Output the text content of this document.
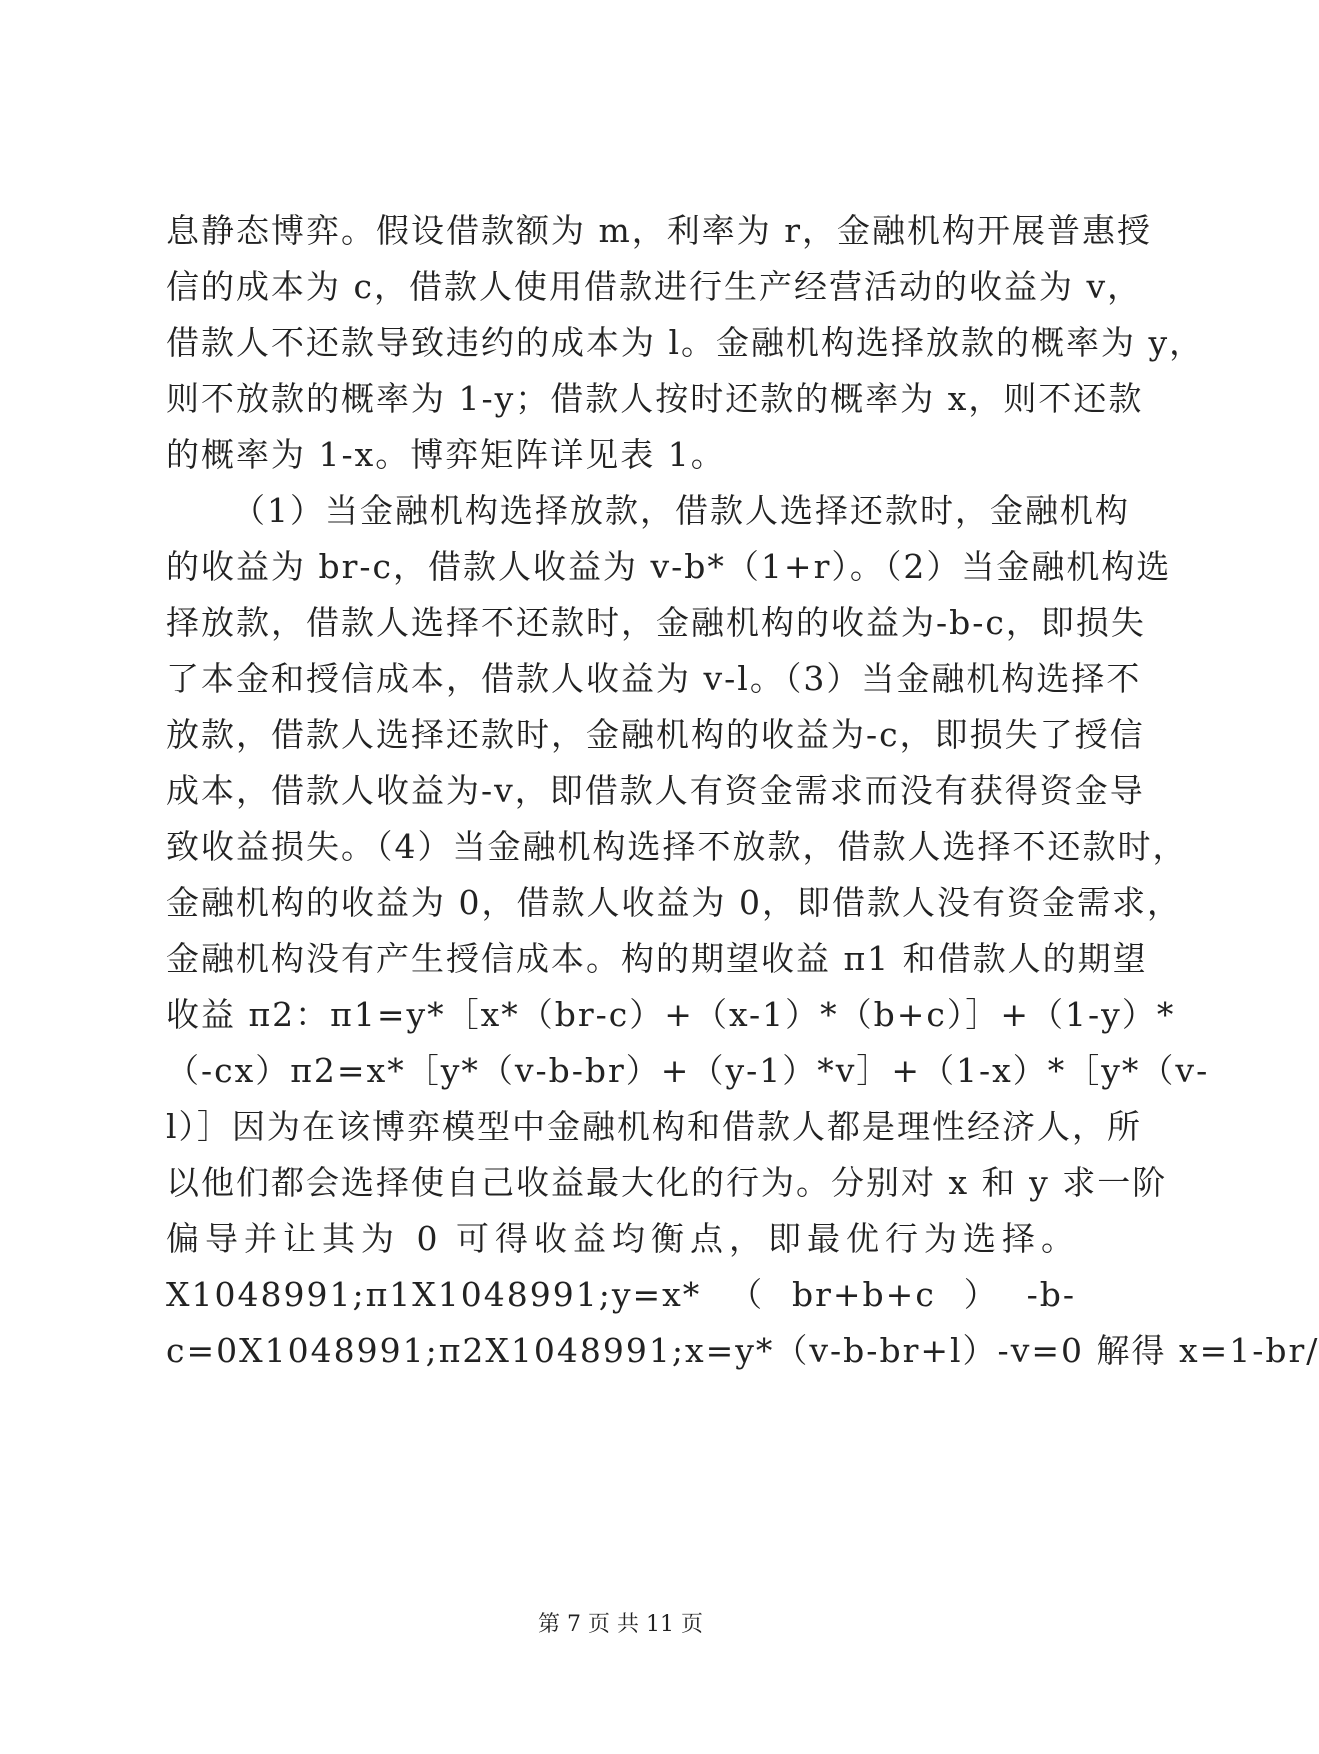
息静态博弈。假设借款额为 m，利率为 r，金融机构开展普惠授
信的成本为 c，借款人使用借款进行生产经营活动的收益为 v，
借款人不还款导致违约的成本为 l。金融机构选择放款的概率为 y，
则不放款的概率为 1-y；借款人按时还款的概率为 x，则不还款
的概率为 1-x。博弈矩阵详见表 1。
（1）当金融机构选择放款，借款人选择还款时，金融机构
的收益为 br-c，借款人收益为 v-b*（1+r）。（2）当金融机构选
择放款，借款人选择不还款时，金融机构的收益为-b-c，即损失
了本金和授信成本，借款人收益为 v-l。（3）当金融机构选择不
放款，借款人选择还款时，金融机构的收益为-c，即损失了授信
成本，借款人收益为-v，即借款人有资金需求而没有获得资金导
致收益损失。（4）当金融机构选择不放款，借款人选择不还款时，
金融机构的收益为 0，借款人收益为 0，即借款人没有资金需求，
金融机构没有产生授信成本。构的期望收益 π1 和借款人的期望
收益 π2：π1=y*［x*（br-c）+（x-1）*（b+c）］+（1-y）*
（-cx）π2=x*［y*（v-b-br）+（y-1）*v］+（1-x）*［y*（v-
l）］因为在该博弈模型中金融机构和借款人都是理性经济人，所
以他们都会选择使自己收益最大化的行为。分别对 x 和 y 求一阶
偏导并让其为 0 可得收益均衡点，即最优行为选择。
X1048991;π1X1048991;y=x*（br+b+c）-b-
c=0X1048991;π2X1048991;x=y*（v-b-br+l）-v=0 解得 x=1-br/
第 7 页 共 11 页
